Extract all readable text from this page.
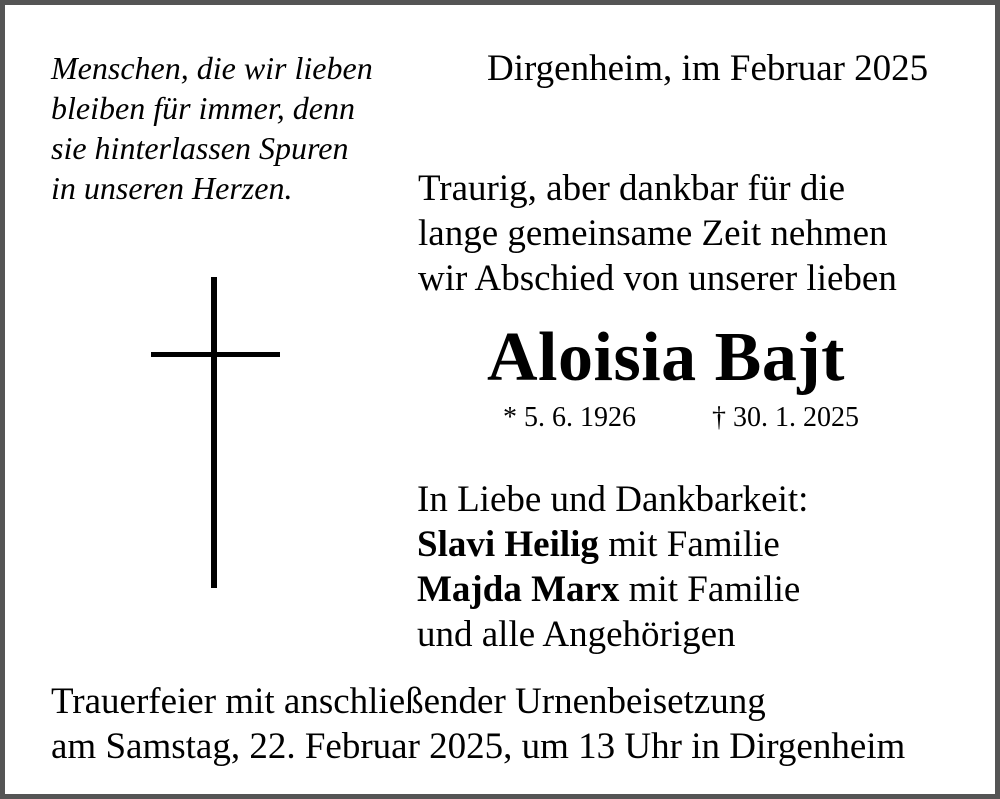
Menschen, die wir lieben
bleiben für immer, denn
sie hinterlassen Spuren
in unseren Herzen.
Dirgenheim, im Februar 2025
Traurig, aber dankbar für die
lange gemeinsame Zeit nehmen
wir Abschied von unserer lieben
Aloisia Bajt
* 5. 6. 1926	† 30. 1. 2025
In Liebe und Dankbarkeit:
Slavi Heilig mit Familie
Majda Marx mit Familie
und alle Angehörigen
Trauerfeier mit anschließender Urnenbeisetzung
am Samstag, 22. Februar 2025, um 13 Uhr in Dirgenheim
